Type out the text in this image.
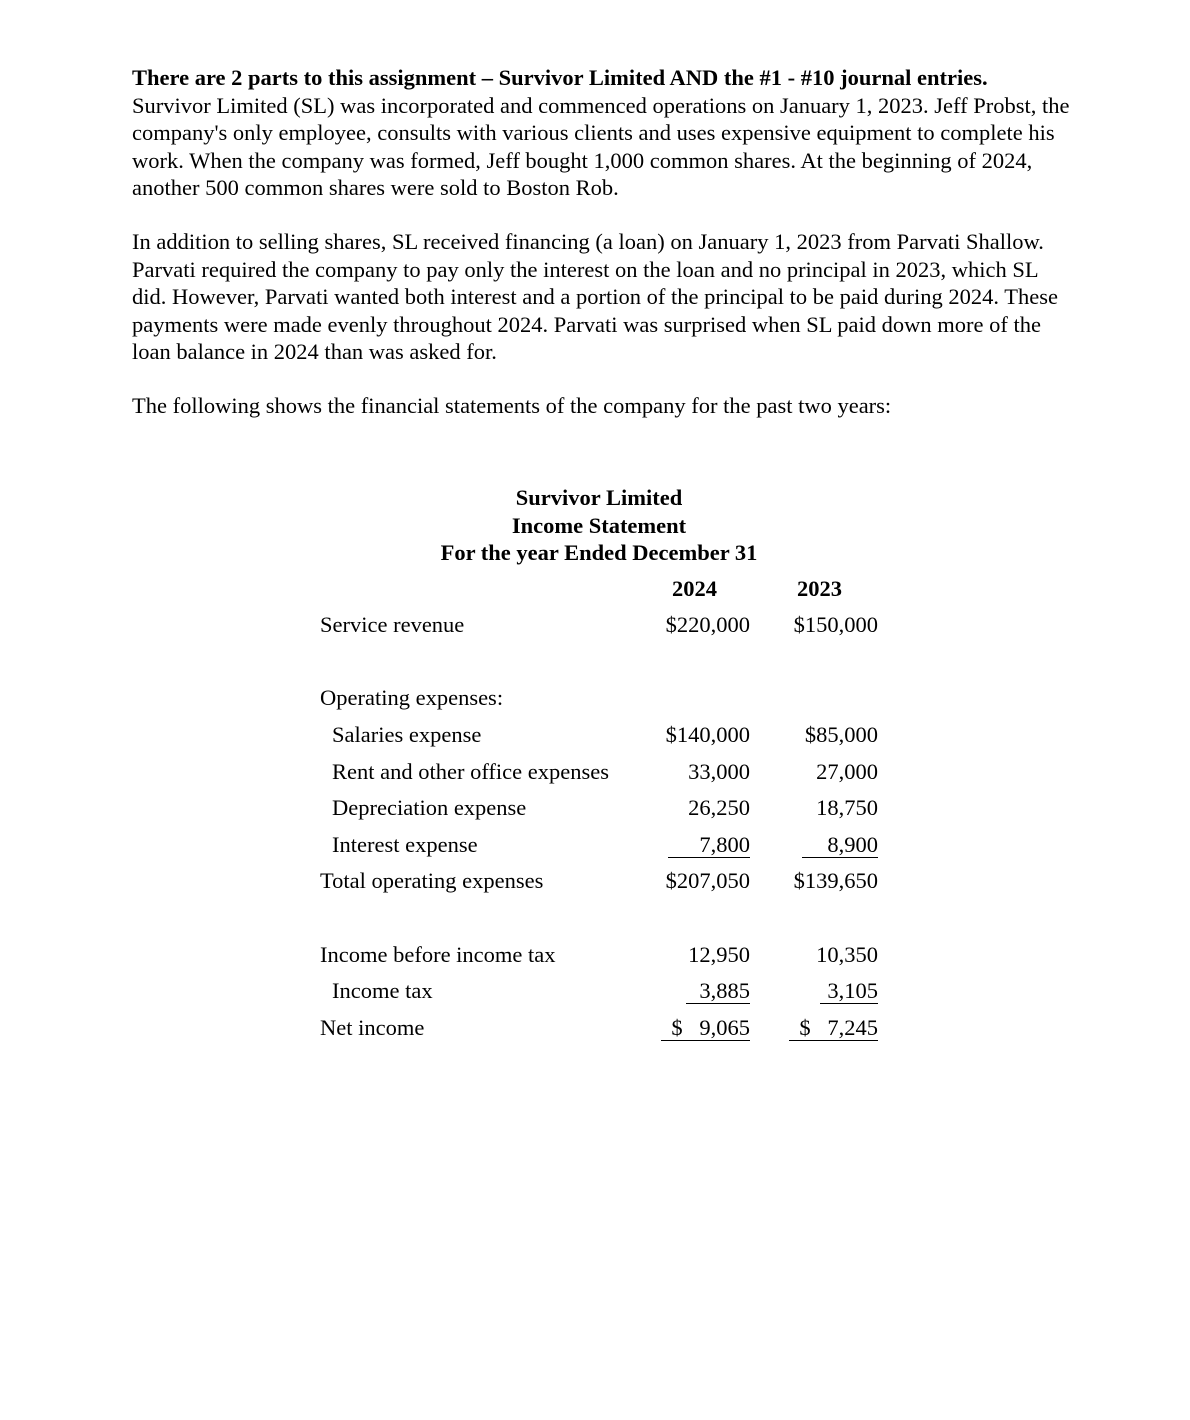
There are 2 parts to this assignment – Survivor Limited AND the #1 - #10 journal entries.
Survivor Limited (SL) was incorporated and commenced operations on January 1, 2023. Jeff Probst, the company's only employee, consults with various clients and uses expensive equipment to complete his work. When the company was formed, Jeff bought 1,000 common shares. At the beginning of 2024, another 500 common shares were sold to Boston Rob.

In addition to selling shares, SL received financing (a loan) on January 1, 2023 from Parvati Shallow. Parvati required the company to pay only the interest on the loan and no principal in 2023, which SL did. However, Parvati wanted both interest and a portion of the principal to be paid during 2024. These payments were made evenly throughout 2024. Parvati was surprised when SL paid down more of the loan balance in 2024 than was asked for.

The following shows the financial statements of the company for the past two years:

Survivor Limited
Income Statement
For the year Ended December 31
2024	2023
Service revenue	$220,000 $150,000
Operating expenses:
Salaries expense	$140,000 $85,000
Rent and other office expenses	33,000	27,000
Depreciation expense	26,250	18,750
Interest expense	7,800	8,900
Total operating expenses	$207,050 $139,650
Income before income tax	12,950	10,350
Income tax	3,885	3,105
Net income	$ 9,065	$ 7,245
